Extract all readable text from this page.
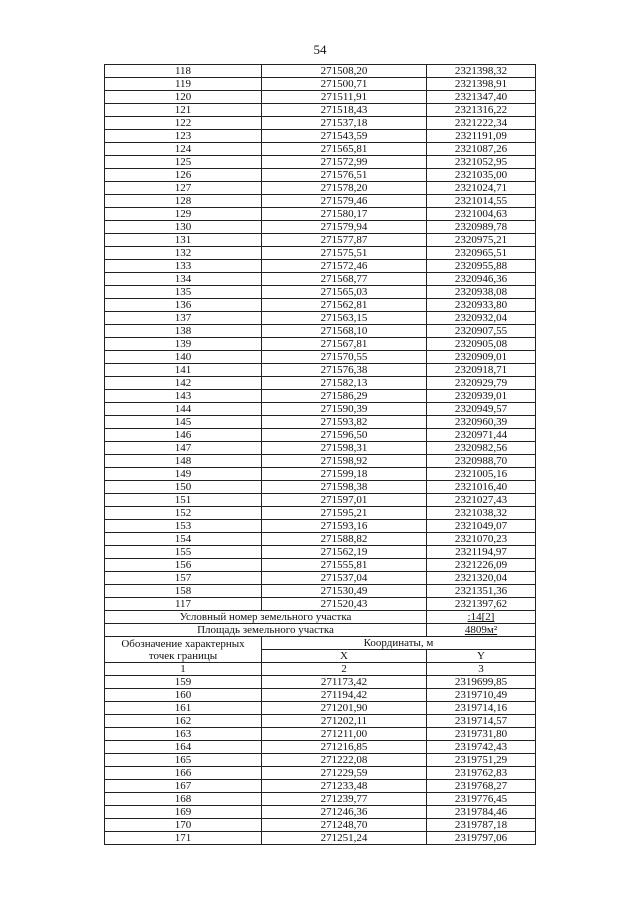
54
118	271508,20	2321398,32
119	271500,71	2321398,91
120	271511,91	2321347,40
121	271518,43	2321316,22
122	271537,18	2321222,34
123	271543,59	2321191,09
124	271565,81	2321087,26
125	271572,99	2321052,95
126	271576,51	2321035,00
127	271578,20	2321024,71
128	271579,46	2321014,55
129	271580,17	2321004,63
130	271579,94	2320989,78
131	271577,87	2320975,21
132	271575,51	2320965,51
133	271572,46	2320955,88
134	271568,77	2320946,36
135	271565,03	2320938,08
136	271562,81	2320933,80
137	271563,15	2320932,04
138	271568,10	2320907,55
139	271567,81	2320905,08
140	271570,55	2320909,01
141	271576,38	2320918,71
142	271582,13	2320929,79
143	271586,29	2320939,01
144	271590,39	2320949,57
145	271593,82	2320960,39
146	271596,50	2320971,44
147	271598,31	2320982,56
148	271598,92	2320988,70
149	271599,18	2321005,16
150	271598,38	2321016,40
151	271597,01	2321027,43
152	271595,21	2321038,32
153	271593,16	2321049,07
154	271588,82	2321070,23
155	271562,19	2321194,97
156	271555,81	2321226,09
157	271537,04	2321320,04
158	271530,49	2321351,36
117	271520,43	2321397,62
Условный номер земельного участка		:14[2]
Площадь земельного участка		4809м²

Обозначение характерных
точек границы	Координаты, м	
	X	Y
1	2	3
159	271173,42	2319699,85
160	271194,42	2319710,49
161	271201,90	2319714,16
162	271202,11	2319714,57
163	271211,00	2319731,80
164	271216,85	2319742,43
165	271222,08	2319751,29
166	271229,59	2319762,83
167	271233,48	2319768,27
168	271239,77	2319776,45
169	271246,36	2319784,46
170	271248,70	2319787,18
171	271251,24	2319797,06
